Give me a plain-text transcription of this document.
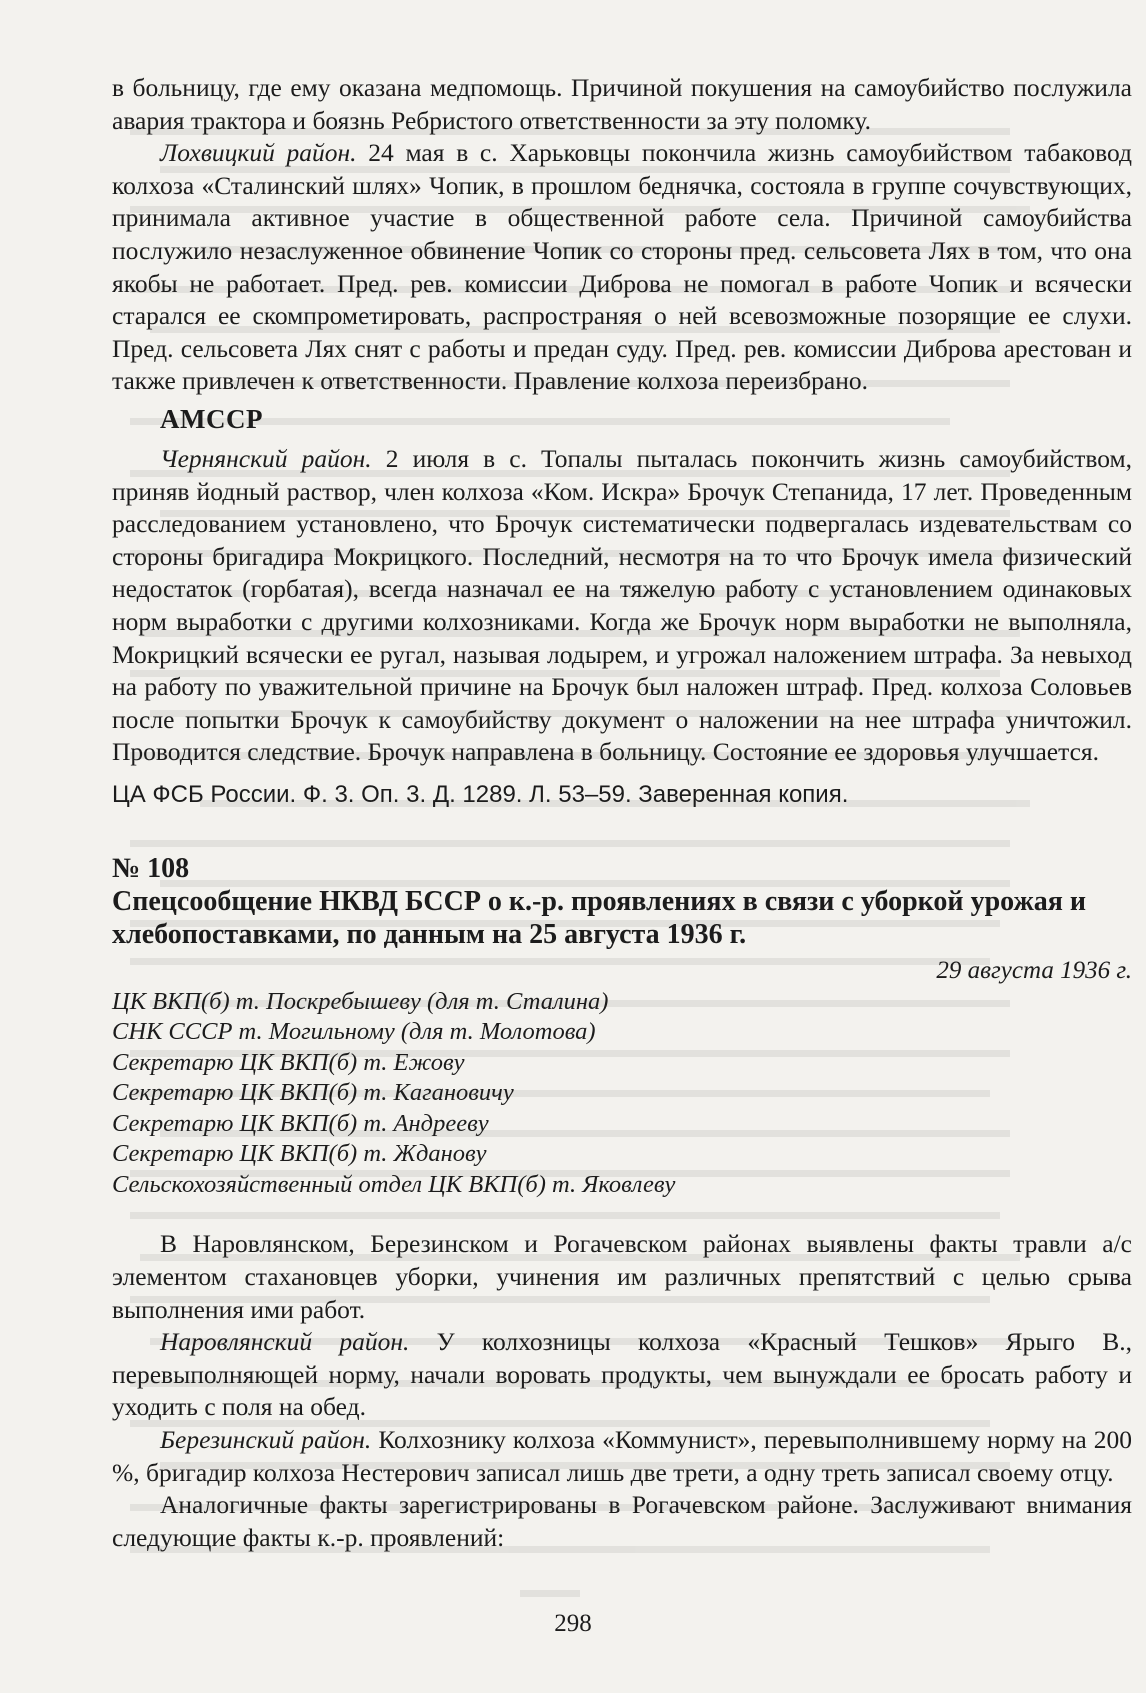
в больницу, где ему оказана медпомощь. Причиной покушения на самоубийство послужила авария трактора и боязнь Ребристого ответственности за эту поломку.

Лохвицкий район. 24 мая в с. Харьковцы покончила жизнь самоубийством табаковод колхоза «Сталинский шлях» Чопик, в прошлом беднячка, состояла в группе сочувствующих, принимала активное участие в общественной работе села. Причиной самоубийства послужило незаслуженное обвинение Чопик со стороны пред. сельсовета Лях в том, что она якобы не работает. Пред. рев. комиссии Диброва не помогал в работе Чопик и всячески старался ее скомпрометировать, распространяя о ней всевозможные позорящие ее слухи. Пред. сельсовета Лях снят с работы и предан суду. Пред. рев. комиссии Диброва арестован и также привлечен к ответственности. Правление колхоза переизбрано.

АМССР

Чернянский район. 2 июля в с. Топалы пыталась покончить жизнь самоубийством, приняв йодный раствор, член колхоза «Ком. Искра» Брочук Степанида, 17 лет. Проведенным расследованием установлено, что Брочук систематически подвергалась издевательствам со стороны бригадира Мокрицкого. Последний, несмотря на то что Брочук имела физический недостаток (горбатая), всегда назначал ее на тяжелую работу с установлением одинаковых норм выработки с другими колхозниками. Когда же Брочук норм выработки не выполняла, Мокрицкий всячески ее ругал, называя лодырем, и угрожал наложением штрафа. За невыход на работу по уважительной причине на Брочук был наложен штраф. Пред. колхоза Соловьев после попытки Брочук к самоубийству документ о наложении на нее штрафа уничтожил. Проводится следствие. Брочук направлена в больницу. Состояние ее здоровья улучшается.

ЦА ФСБ России. Ф. 3. Оп. 3. Д. 1289. Л. 53–59. Заверенная копия.

№ 108
Спецсообщение НКВД БССР о к.-р. проявлениях в связи с уборкой урожая и хлебопоставками, по данным на 25 августа 1936 г.
29 августа 1936 г.

ЦК ВКП(б) т. Поскребышеву (для т. Сталина)

СНК СССР т. Могильному (для т. Молотова)

Секретарю ЦК ВКП(б) т. Ежову

Секретарю ЦК ВКП(б) т. Кагановичу

Секретарю ЦК ВКП(б) т. Андрееву

Секретарю ЦК ВКП(б) т. Жданову

Сельскохозяйственный отдел ЦК ВКП(б) т. Яковлеву

В Наровлянском, Березинском и Рогачевском районах выявлены факты травли а/с элементом стахановцев уборки, учинения им различных препятствий с целью срыва выполнения ими работ.

Наровлянский район. У колхозницы колхоза «Красный Тешков» Ярыго В., перевыполняющей норму, начали воровать продукты, чем вынуждали ее бросать работу и уходить с поля на обед.

Березинский район. Колхознику колхоза «Коммунист», перевыполнившему норму на 200 %, бригадир колхоза Нестерович записал лишь две трети, а одну треть записал своему отцу.

Аналогичные факты зарегистрированы в Рогачевском районе. Заслуживают внимания следующие факты к.-р. проявлений:

298
